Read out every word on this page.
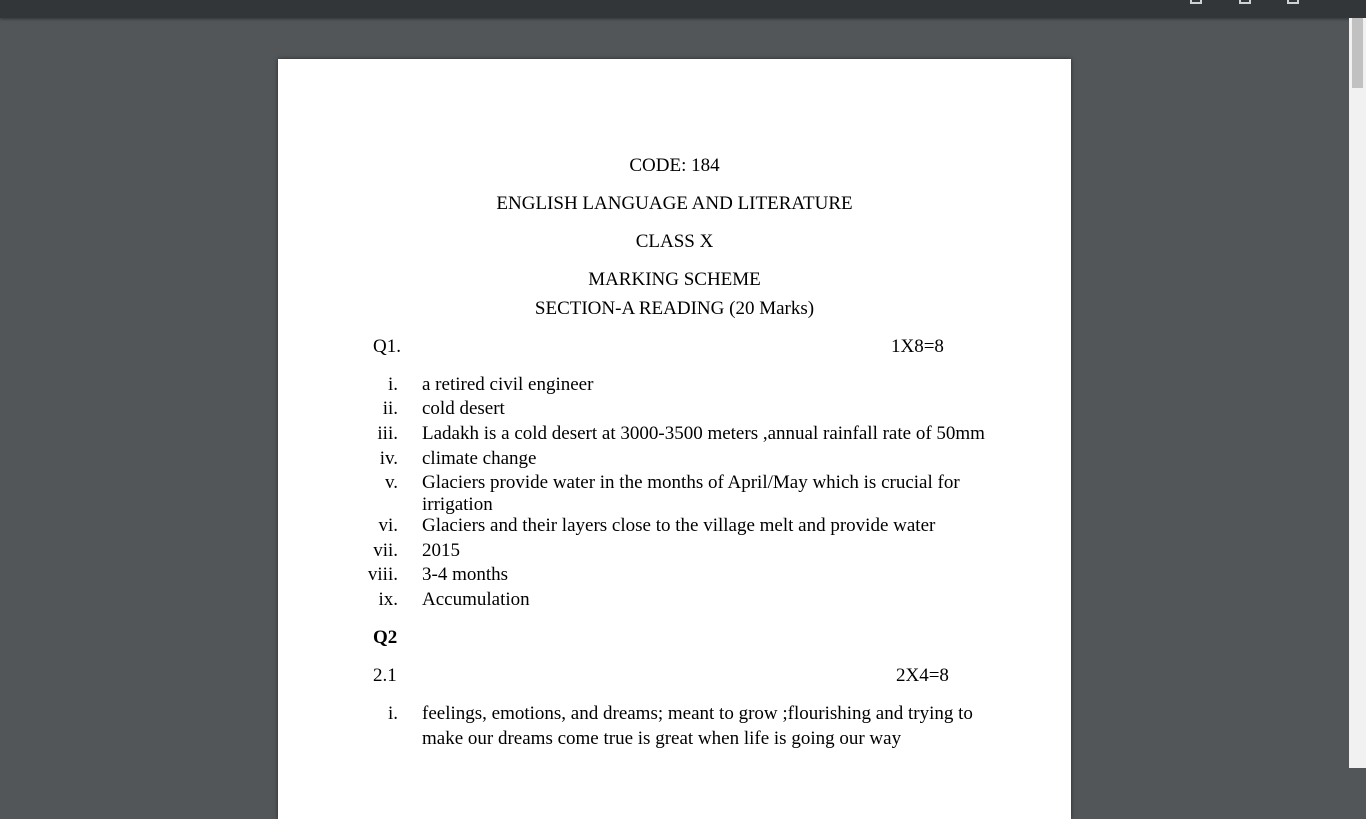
CODE: 184
ENGLISH LANGUAGE AND LITERATURE
CLASS X
MARKING SCHEME
SECTION-A READING (20 Marks)
Q1.	1X8=8
i. a retired civil engineer
ii. cold desert
iii. Ladakh is a cold desert at 3000-3500 meters ,annual rainfall rate of 50mm
iv. climate change
v. Glaciers provide water in the months of April/May which is crucial for
irrigation
vi. Glaciers and their layers close to the village melt and provide water
vii. 2015
viii. 3-4 months
ix. Accumulation
Q2
2.1	2X4=8
i. feelings, emotions, and dreams; meant to grow ;flourishing and trying to
make our dreams come true is great when life is going our way
